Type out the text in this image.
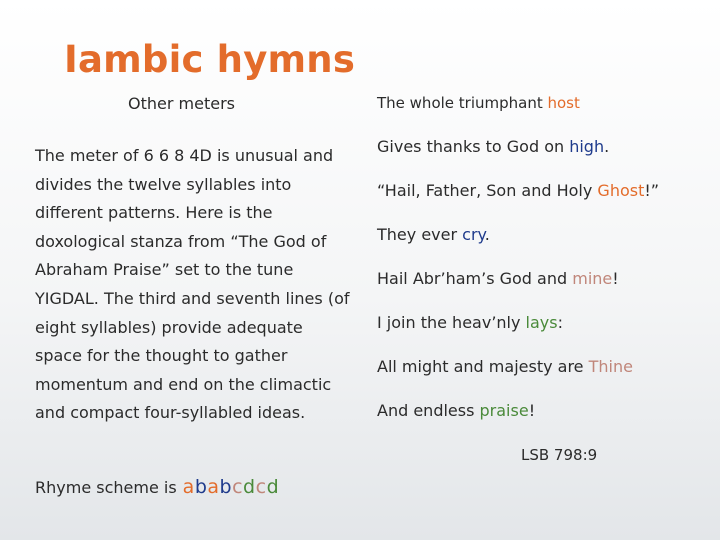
Iambic hymns
Other meters
The meter of 6 6 8 4D is unusual and divides the twelve syllables into different patterns. Here is the doxological stanza from “The God of Abraham Praise” set to the tune YIGDAL. The third and seventh lines (of eight syllables) provide adequate space for the thought to gather momentum and end on the climactic and compact four-syllabled ideas.
Rhyme scheme is ababcdcd
The whole triumphant host
Gives thanks to God on high.
“Hail, Father, Son and Holy Ghost!”
They ever cry.
Hail Abr’ham’s God and mine!
I join the heav’nly lays:
All might and majesty are Thine
And endless praise!
LSB 798:9
